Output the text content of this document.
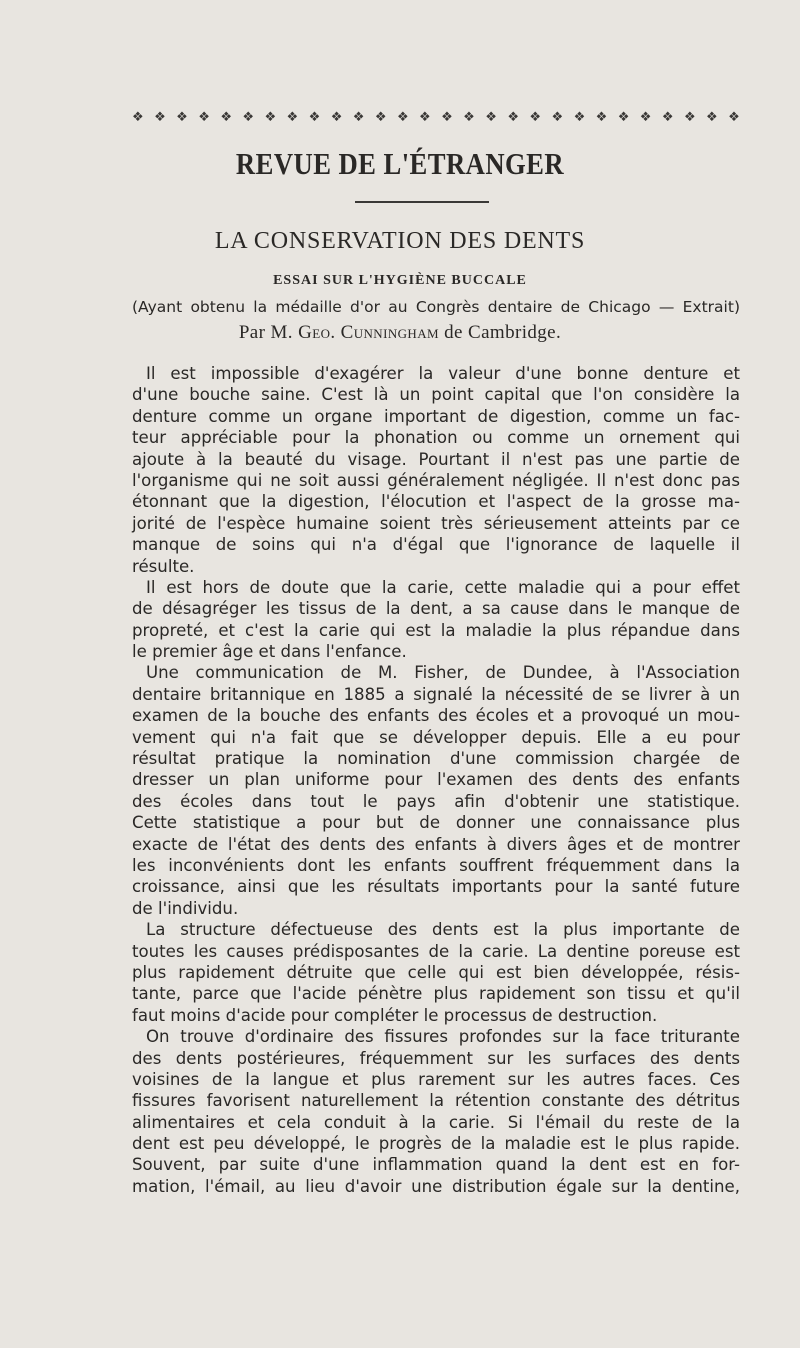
❖ ❖ ❖ ❖ ❖ ❖ ❖ ❖ ❖ ❖ ❖ ❖ ❖ ❖ ❖ ❖ ❖ ❖ ❖ ❖ ❖ ❖ ❖ ❖ ❖ ❖ ❖ ❖
REVUE DE L'ÉTRANGER
LA CONSERVATION DES DENTS
ESSAI SUR L'HYGIÈNE BUCCALE
(Ayant obtenu la médaille d'or au Congrès dentaire de Chicago — Extrait)
Par M. Geo. Cunningham de Cambridge.
Il est impossible d'exagérer la valeur d'une bonne denture et
d'une bouche saine. C'est là un point capital que l'on considère la
denture comme un organe important de digestion, comme un fac-
teur appréciable pour la phonation ou comme un ornement qui
ajoute à la beauté du visage. Pourtant il n'est pas une partie de
l'organisme qui ne soit aussi généralement négligée. Il n'est donc pas
étonnant que la digestion, l'élocution et l'aspect de la grosse ma-
jorité de l'espèce humaine soient très sérieusement atteints par ce
manque de soins qui n'a d'égal que l'ignorance de laquelle il
résulte.
Il est hors de doute que la carie, cette maladie qui a pour effet
de désagréger les tissus de la dent, a sa cause dans le manque de
propreté, et c'est la carie qui est la maladie la plus répandue dans
le premier âge et dans l'enfance.
Une communication de M. Fisher, de Dundee, à l'Association
dentaire britannique en 1885 a signalé la nécessité de se livrer à un
examen de la bouche des enfants des écoles et a provoqué un mou-
vement qui n'a fait que se développer depuis. Elle a eu pour
résultat pratique la nomination d'une commission chargée de
dresser un plan uniforme pour l'examen des dents des enfants
des écoles dans tout le pays afin d'obtenir une statistique.
Cette statistique a pour but de donner une connaissance plus
exacte de l'état des dents des enfants à divers âges et de montrer
les inconvénients dont les enfants souffrent fréquemment dans la
croissance, ainsi que les résultats importants pour la santé future
de l'individu.
La structure défectueuse des dents est la plus importante de
toutes les causes prédisposantes de la carie. La dentine poreuse est
plus rapidement détruite que celle qui est bien développée, résis-
tante, parce que l'acide pénètre plus rapidement son tissu et qu'il
faut moins d'acide pour compléter le processus de destruction.
On trouve d'ordinaire des fissures profondes sur la face triturante
des dents postérieures, fréquemment sur les surfaces des dents
voisines de la langue et plus rarement sur les autres faces. Ces
fissures favorisent naturellement la rétention constante des détritus
alimentaires et cela conduit à la carie. Si l'émail du reste de la
dent est peu développé, le progrès de la maladie est le plus rapide.
Souvent, par suite d'une inflammation quand la dent est en for-
mation, l'émail, au lieu d'avoir une distribution égale sur la dentine,
